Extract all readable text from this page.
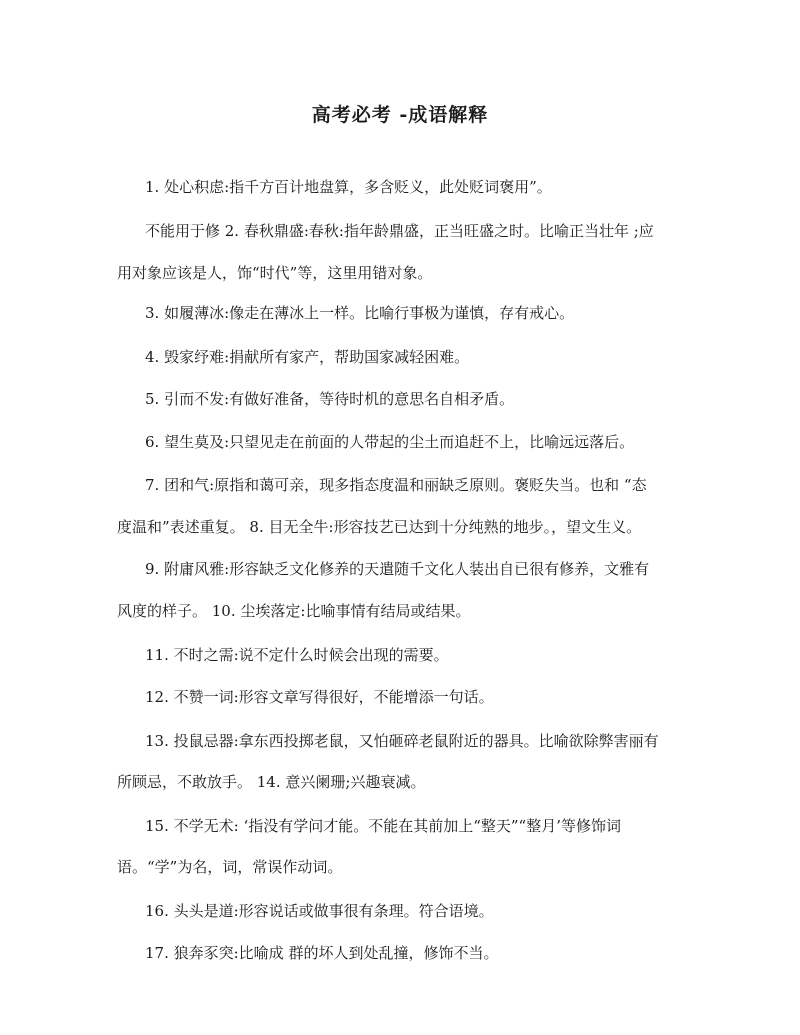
高考必考 -成语解释
1. 处心积虑:指千方百计地盘算，多含贬义，此处贬词褒用”。
不能用于修 2. 春秋鼎盛:春秋:指年龄鼎盛，正当旺盛之时。比喻正当壮年 ;应
用对象应该是人，饰“时代”等，这里用错对象。
3. 如履薄冰:像走在薄冰上一样。比喻行事极为谨慎，存有戒心。
4. 毁家纾难:捐献所有家产，帮助国家减轻困难。
5. 引而不发:有做好准备，等待时机的意思名自相矛盾。
6. 望生莫及:只望见走在前面的人带起的尘土而追赶不上，比喻远远落后。
7. 团和气:原指和蔼可亲，现多指态度温和丽缺乏原则。褒贬失当。也和 “态
度温和”表述重复。 8. 目无全牛:形容技艺已达到十分纯熟的地步。，望文生义。
9. 附庸风雅:形容缺乏文化修养的天遣随千文化人装出自已很有修养，文雅有
风度的样子。 10. 尘埃落定:比喻事情有结局或结果。
11. 不时之需:说不定什么时候会出现的需要。
12. 不赞一词:形容文章写得很好，不能增添一句话。
13. 投鼠忌器:拿东西投掷老鼠，又怕砸碎老鼠附近的器具。比喻欲除弊害丽有
所顾忌，不敢放手。 14. 意兴阑珊;兴趣衰减。
15. 不学无术: ‘指没有学问才能。不能在其前加上“整天”“整月’等修饰词
语。“学”为名，词，常误作动词。
16. 头头是道:形容说话或做事很有条理。符合语境。
17. 狼奔豕突:比喻成 群的坏人到处乱撞，修饰不当。
